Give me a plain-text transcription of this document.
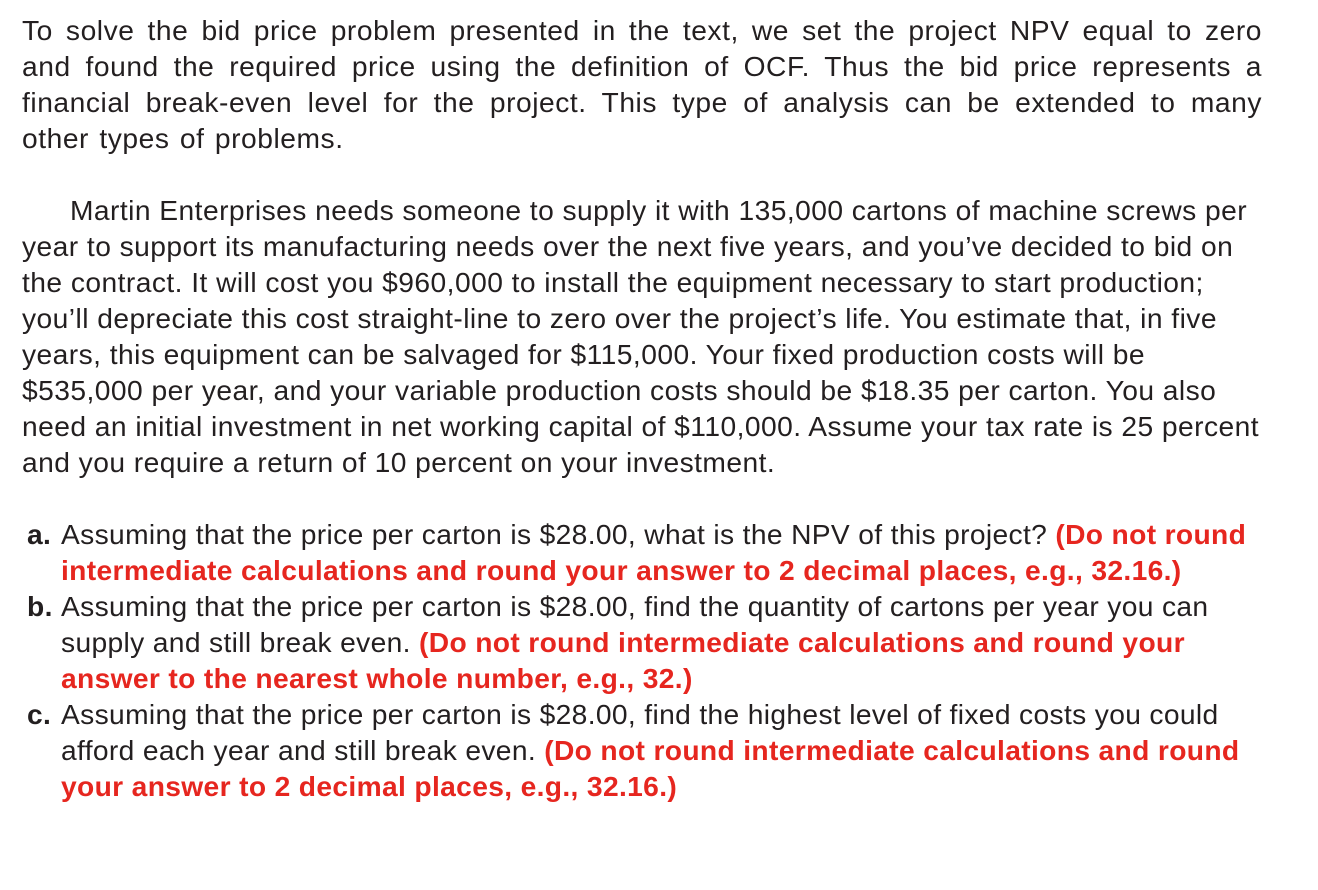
To solve the bid price problem presented in the text, we set the project NPV equal to zero and found the required price using the definition of OCF. Thus the bid price represents a financial break-even level for the project. This type of analysis can be extended to many other types of problems.

Martin Enterprises needs someone to supply it with 135,000 cartons of machine screws per year to support its manufacturing needs over the next five years, and you’ve decided to bid on the contract. It will cost you $960,000 to install the equipment necessary to start production; you’ll depreciate this cost straight-line to zero over the project’s life. You estimate that, in five years, this equipment can be salvaged for $115,000. Your fixed production costs will be $535,000 per year, and your variable production costs should be $18.35 per carton. You also need an initial investment in net working capital of $110,000. Assume your tax rate is 25 percent and you require a return of 10 percent on your investment.

a. Assuming that the price per carton is $28.00, what is the NPV of this project? (Do not round intermediate calculations and round your answer to 2 decimal places, e.g., 32.16.)
b. Assuming that the price per carton is $28.00, find the quantity of cartons per year you can supply and still break even. (Do not round intermediate calculations and round your answer to the nearest whole number, e.g., 32.)
c. Assuming that the price per carton is $28.00, find the highest level of fixed costs you could afford each year and still break even. (Do not round intermediate calculations and round your answer to 2 decimal places, e.g., 32.16.)
